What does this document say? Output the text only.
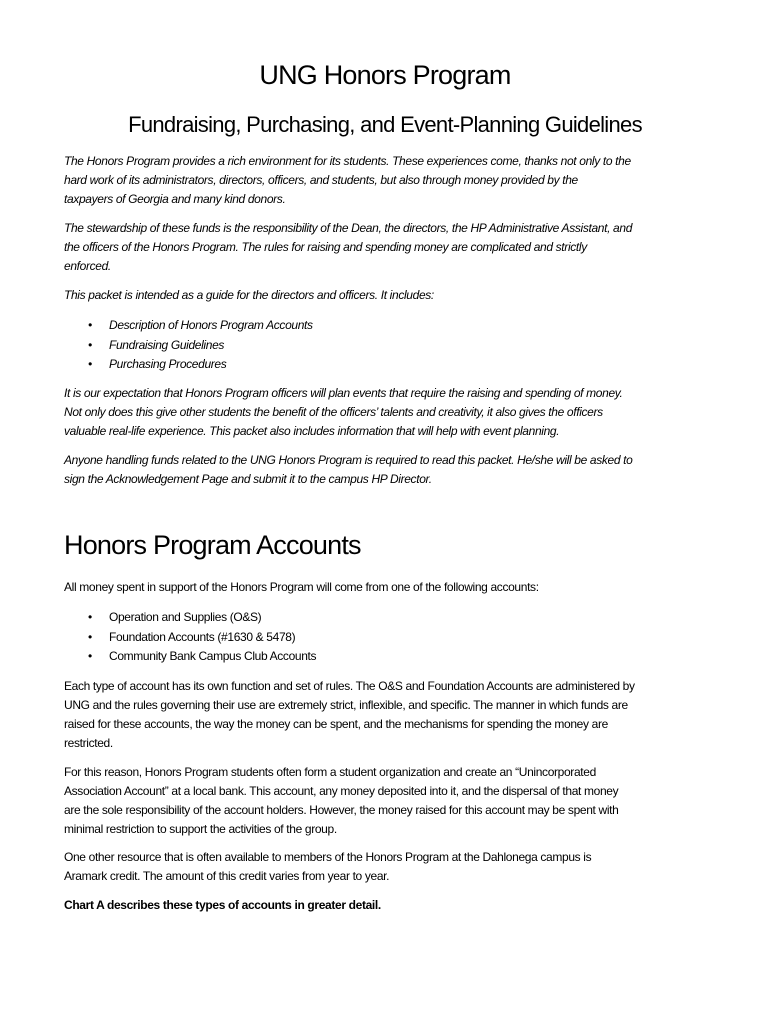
UNG Honors Program
Fundraising, Purchasing, and Event-Planning Guidelines
The Honors Program provides a rich environment for its students. These experiences come, thanks not only to the
hard work of its administrators, directors, officers, and students, but also through money provided by the
taxpayers of Georgia and many kind donors.
The stewardship of these funds is the responsibility of the Dean, the directors, the HP Administrative Assistant, and
the officers of the Honors Program. The rules for raising and spending money are complicated and strictly
enforced.
This packet is intended as a guide for the directors and officers. It includes:
• Description of Honors Program Accounts
• Fundraising Guidelines
• Purchasing Procedures
It is our expectation that Honors Program officers will plan events that require the raising and spending of money.
Not only does this give other students the benefit of the officers’ talents and creativity, it also gives the officers
valuable real-life experience. This packet also includes information that will help with event planning.
Anyone handling funds related to the UNG Honors Program is required to read this packet. He/she will be asked to
sign the Acknowledgement Page and submit it to the campus HP Director.
Honors Program Accounts
All money spent in support of the Honors Program will come from one of the following accounts:
• Operation and Supplies (O&S)
• Foundation Accounts (#1630 & 5478)
• Community Bank Campus Club Accounts
Each type of account has its own function and set of rules. The O&S and Foundation Accounts are administered by
UNG and the rules governing their use are extremely strict, inflexible, and specific. The manner in which funds are
raised for these accounts, the way the money can be spent, and the mechanisms for spending the money are
restricted.
For this reason, Honors Program students often form a student organization and create an “Unincorporated
Association Account” at a local bank. This account, any money deposited into it, and the dispersal of that money
are the sole responsibility of the account holders. However, the money raised for this account may be spent with
minimal restriction to support the activities of the group.
One other resource that is often available to members of the Honors Program at the Dahlonega campus is
Aramark credit. The amount of this credit varies from year to year.
Chart A describes these types of accounts in greater detail.
